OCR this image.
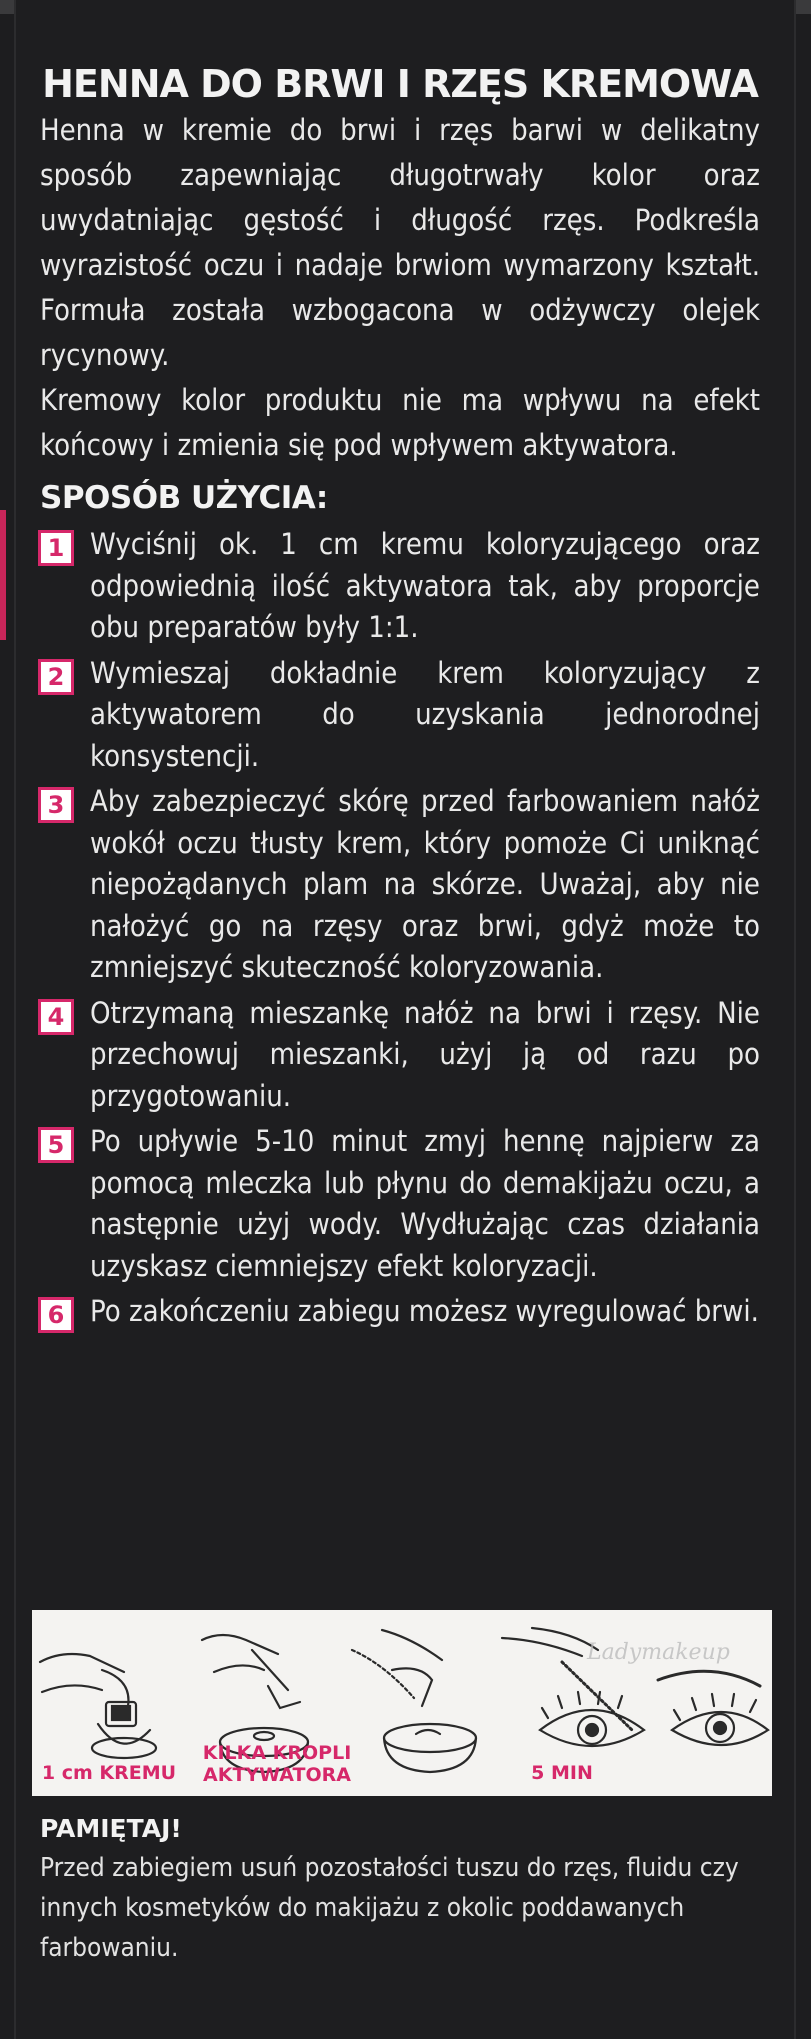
HENNA DO BRWI I RZĘS KREMOWA

Henna w kremie do brwi i rzęs barwi w delikatny sposób zapewniając długotrwały kolor oraz uwydatniając gęstość i długość rzęs. Podkreśla wyrazistość oczu i nadaje brwiom wymarzony kształt. Formuła została wzbogacona w odżywczy olejek rycynowy.

Kremowy kolor produktu nie ma wpływu na efekt końcowy i zmienia się pod wpływem aktywatora.

SPOSÓB UŻYCIA:
1 Wyciśnij ok. 1 cm kremu koloryzującego oraz odpowiednią ilość aktywatora tak, aby proporcje obu preparatów były 1:1.
2 Wymieszaj dokładnie krem koloryzujący z aktywatorem do uzyskania jednorodnej konsystencji.
3 Aby zabezpieczyć skórę przed farbowaniem nałóż wokół oczu tłusty krem, który pomoże Ci uniknąć niepożądanych plam na skórze. Uważaj, aby nie nałożyć go na rzęsy oraz brwi, gdyż może to zmniejszyć skuteczność koloryzowania.
4 Otrzymaną mieszankę nałóż na brwi i rzęsy. Nie przechowuj mieszanki, użyj ją od razu po przygotowaniu.
5 Po upływie 5-10 minut zmyj hennę najpierw za pomocą mleczka lub płynu do demakijażu oczu, a następnie użyj wody. Wydłużając czas działania uzyskasz ciemniejszy efekt koloryzacji.
6 Po zakończeniu zabiegu możesz wyregulować brwi.
1 cm KREMU
KILKA KROPLI
AKTYWATORA	5 MIN
Ladymakeup
PAMIĘTAJ!

Przed zabiegiem usuń pozostałości tuszu do rzęs, fluidu czy innych kosmetyków do makijażu z okolic poddawanych farbowaniu.
